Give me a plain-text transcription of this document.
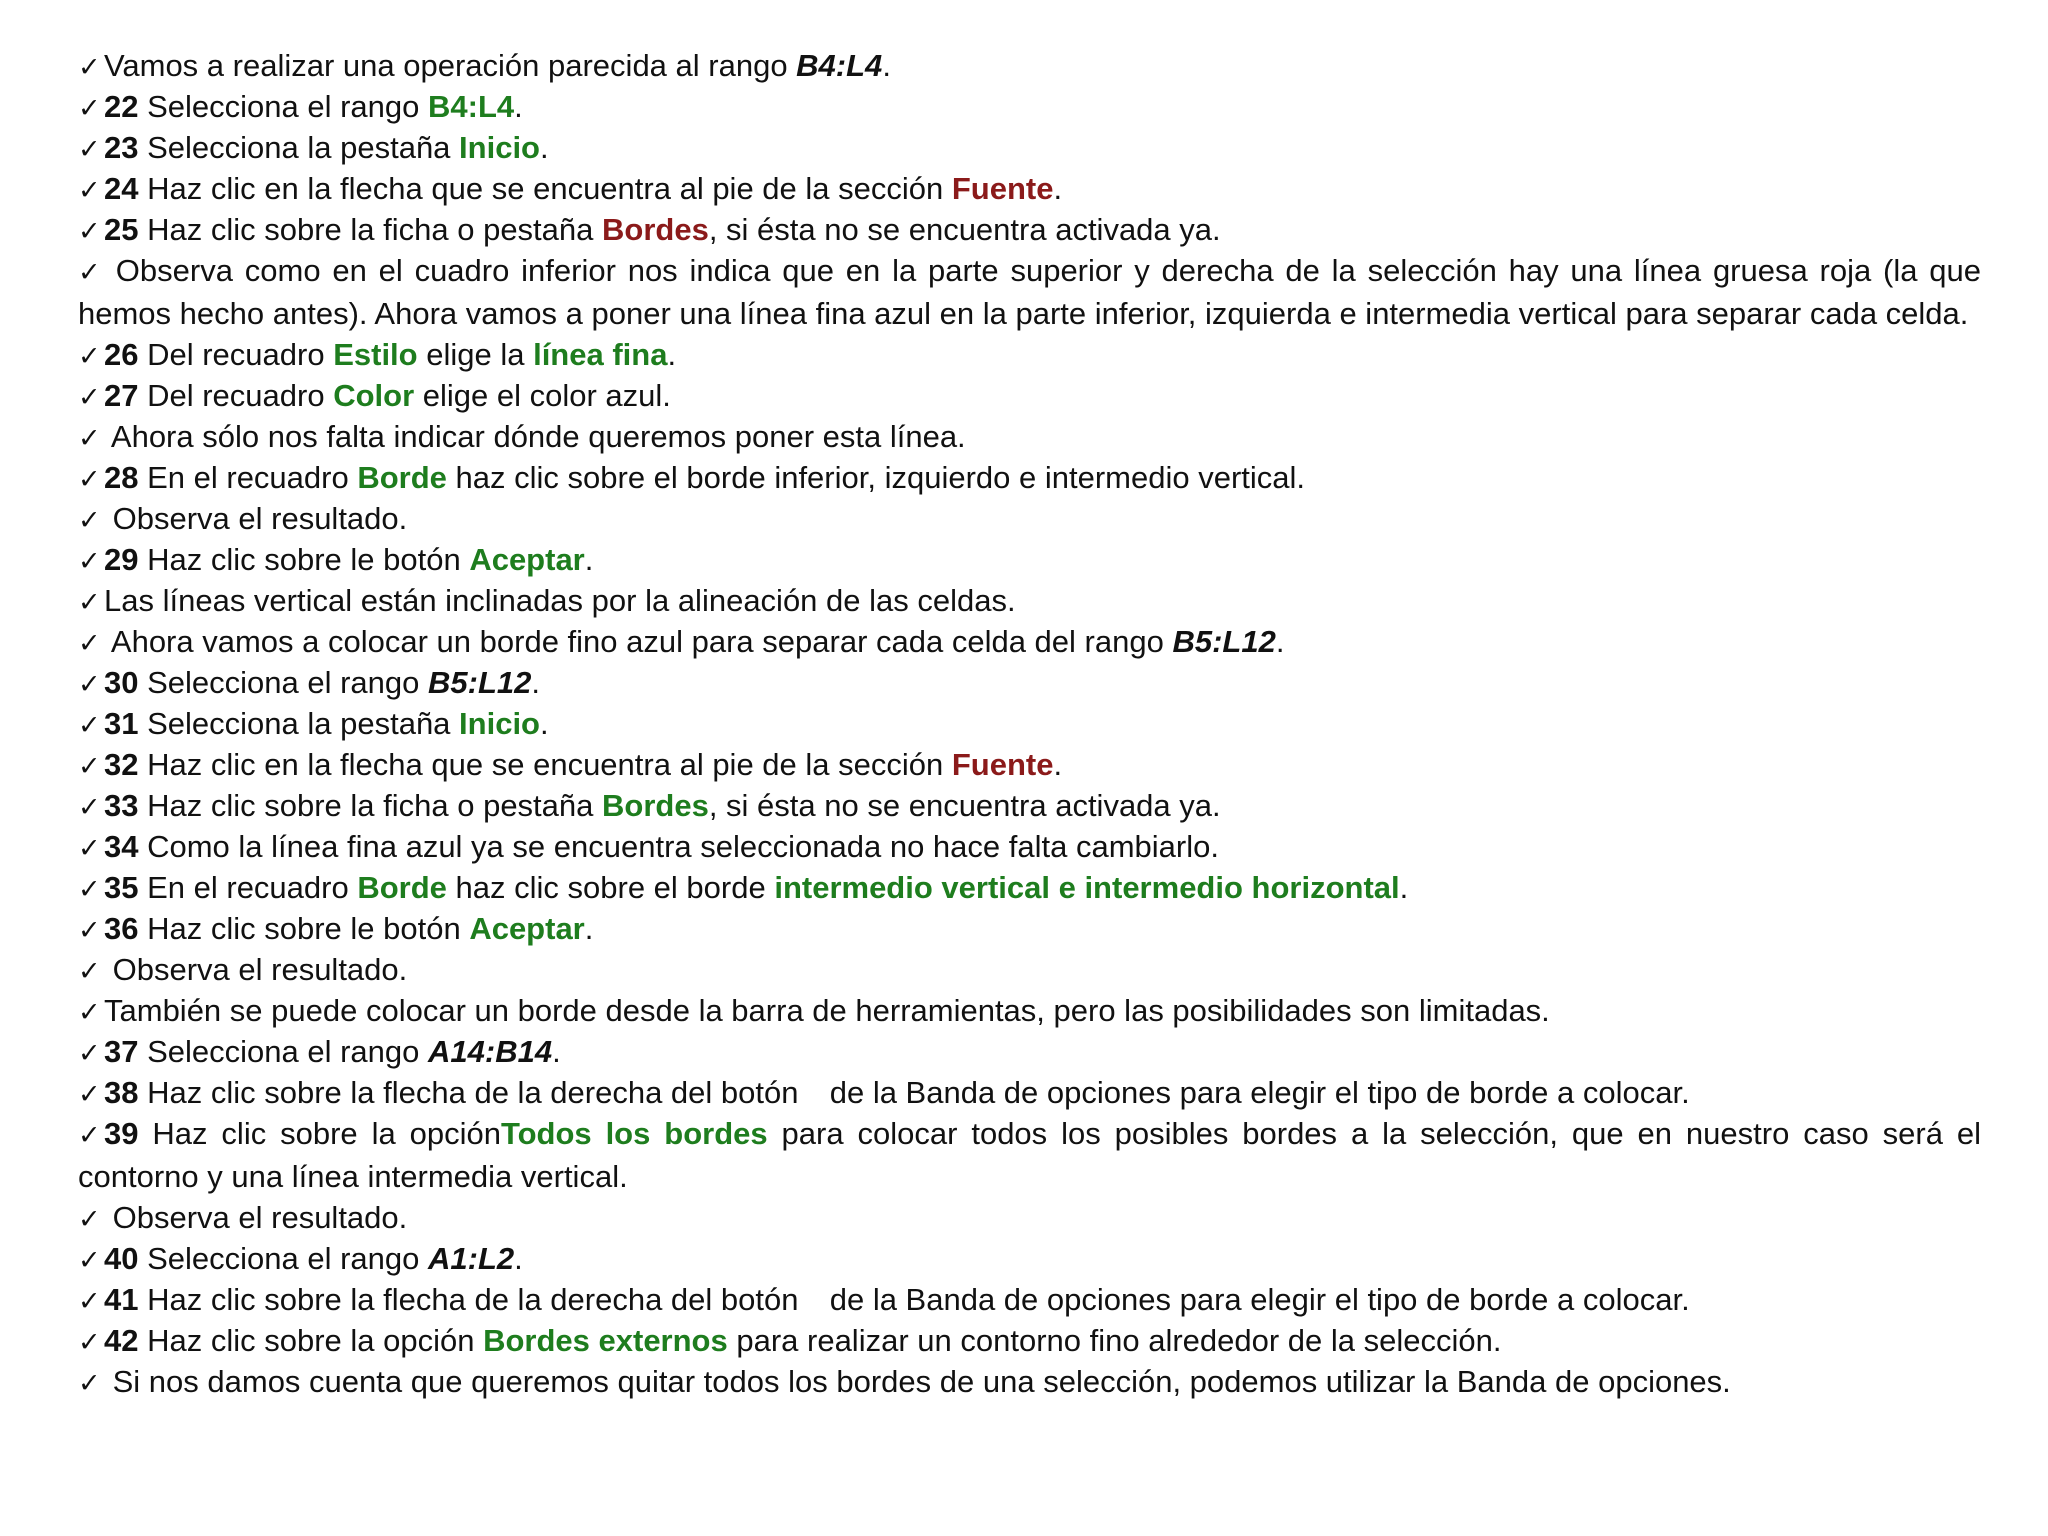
✓ Vamos a realizar una operación parecida al rango B4:L4.

✓ 22 Selecciona el rango B4:L4.

✓ 23 Selecciona la pestaña Inicio.

✓ 24 Haz clic en la flecha que se encuentra al pie de la sección Fuente.

✓ 25 Haz clic sobre la ficha o pestaña Bordes, si ésta no se encuentra activada ya.

✓ Observa como en el cuadro inferior nos indica que en la parte superior y derecha de la selección hay una línea gruesa roja (la que hemos hecho antes). Ahora vamos a poner una línea fina azul en la parte inferior, izquierda e intermedia vertical para separar cada celda.

✓ 26 Del recuadro Estilo elige la línea fina.

✓ 27 Del recuadro Color elige el color azul.

✓ Ahora sólo nos falta indicar dónde queremos poner esta línea.

✓ 28 En el recuadro Borde haz clic sobre el borde inferior, izquierdo e intermedio vertical.

✓ Observa el resultado.

✓ 29 Haz clic sobre le botón Aceptar.

✓ Las líneas vertical están inclinadas por la alineación de las celdas.

✓ Ahora vamos a colocar un borde fino azul para separar cada celda del rango B5:L12.

✓ 30 Selecciona el rango B5:L12.

✓ 31 Selecciona la pestaña Inicio.

✓ 32 Haz clic en la flecha que se encuentra al pie de la sección Fuente.

✓ 33 Haz clic sobre la ficha o pestaña Bordes, si ésta no se encuentra activada ya.

✓ 34 Como la línea fina azul ya se encuentra seleccionada no hace falta cambiarlo.

✓ 35 En el recuadro Borde haz clic sobre el borde intermedio vertical e intermedio horizontal.

✓ 36 Haz clic sobre le botón Aceptar.

✓ Observa el resultado.

✓ También se puede colocar un borde desde la barra de herramientas, pero las posibilidades son limitadas.

✓ 37 Selecciona el rango A14:B14.

✓ 38 Haz clic sobre la flecha de la derecha del botón  de la Banda de opciones para elegir el tipo de borde a colocar.

✓ 39 Haz clic sobre la opciónTodos los bordes para colocar todos los posibles bordes a la selección, que en nuestro caso será el contorno y una línea intermedia vertical.

✓ Observa el resultado.

✓ 40 Selecciona el rango A1:L2.

✓ 41 Haz clic sobre la flecha de la derecha del botón  de la Banda de opciones para elegir el tipo de borde a colocar.

✓ 42 Haz clic sobre la opción Bordes externos para realizar un contorno fino alrededor de la selección.

✓ Si nos damos cuenta que queremos quitar todos los bordes de una selección, podemos utilizar la Banda de opciones.
